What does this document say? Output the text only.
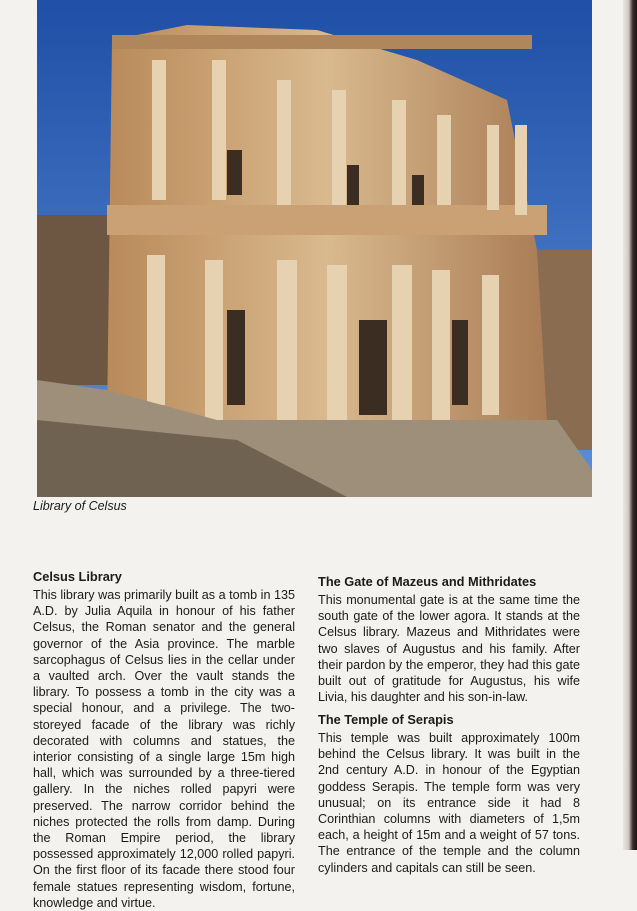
Library of Celsus
Celsus Library

This library was primarily built as a tomb in 135 A.D. by Julia Aquila in honour of his father Celsus, the Roman senator and the general governor of the Asia province. The marble sarcophagus of Celsus lies in the cellar under a vaulted arch. Over the vault stands the library. To possess a tomb in the city was a special honour, and a privilege. The two-storeyed facade of the library was richly decorated with columns and statues, the interior consisting of a single large 15m high hall, which was surrounded by a three-tiered gallery. In the niches rolled papyri were preserved. The narrow corridor behind the niches protected the rolls from damp. During the Roman Empire period, the library possessed approximately 12,000 rolled papyri. On the first floor of its facade there stood four female statues representing wisdom, fortune, knowledge and virtue.

The Gate of Mazeus and Mithridates

This monumental gate is at the same time the south gate of the lower agora. It stands at the Celsus library. Mazeus and Mithridates were two slaves of Augustus and his family. After their pardon by the emperor, they had this gate built out of gratitude for Augustus, his wife Livia, his daughter and his son-in-law.

The Temple of Serapis

This temple was built approximately 100m behind the Celsus library. It was built in the 2nd century A.D. in honour of the Egyptian goddess Serapis. The temple form was very unusual; on its entrance side it had 8 Corinthian columns with diameters of 1,5m each, a height of 15m and a weight of 57 tons. The entrance of the temple and the column cylinders and capitals can still be seen.
